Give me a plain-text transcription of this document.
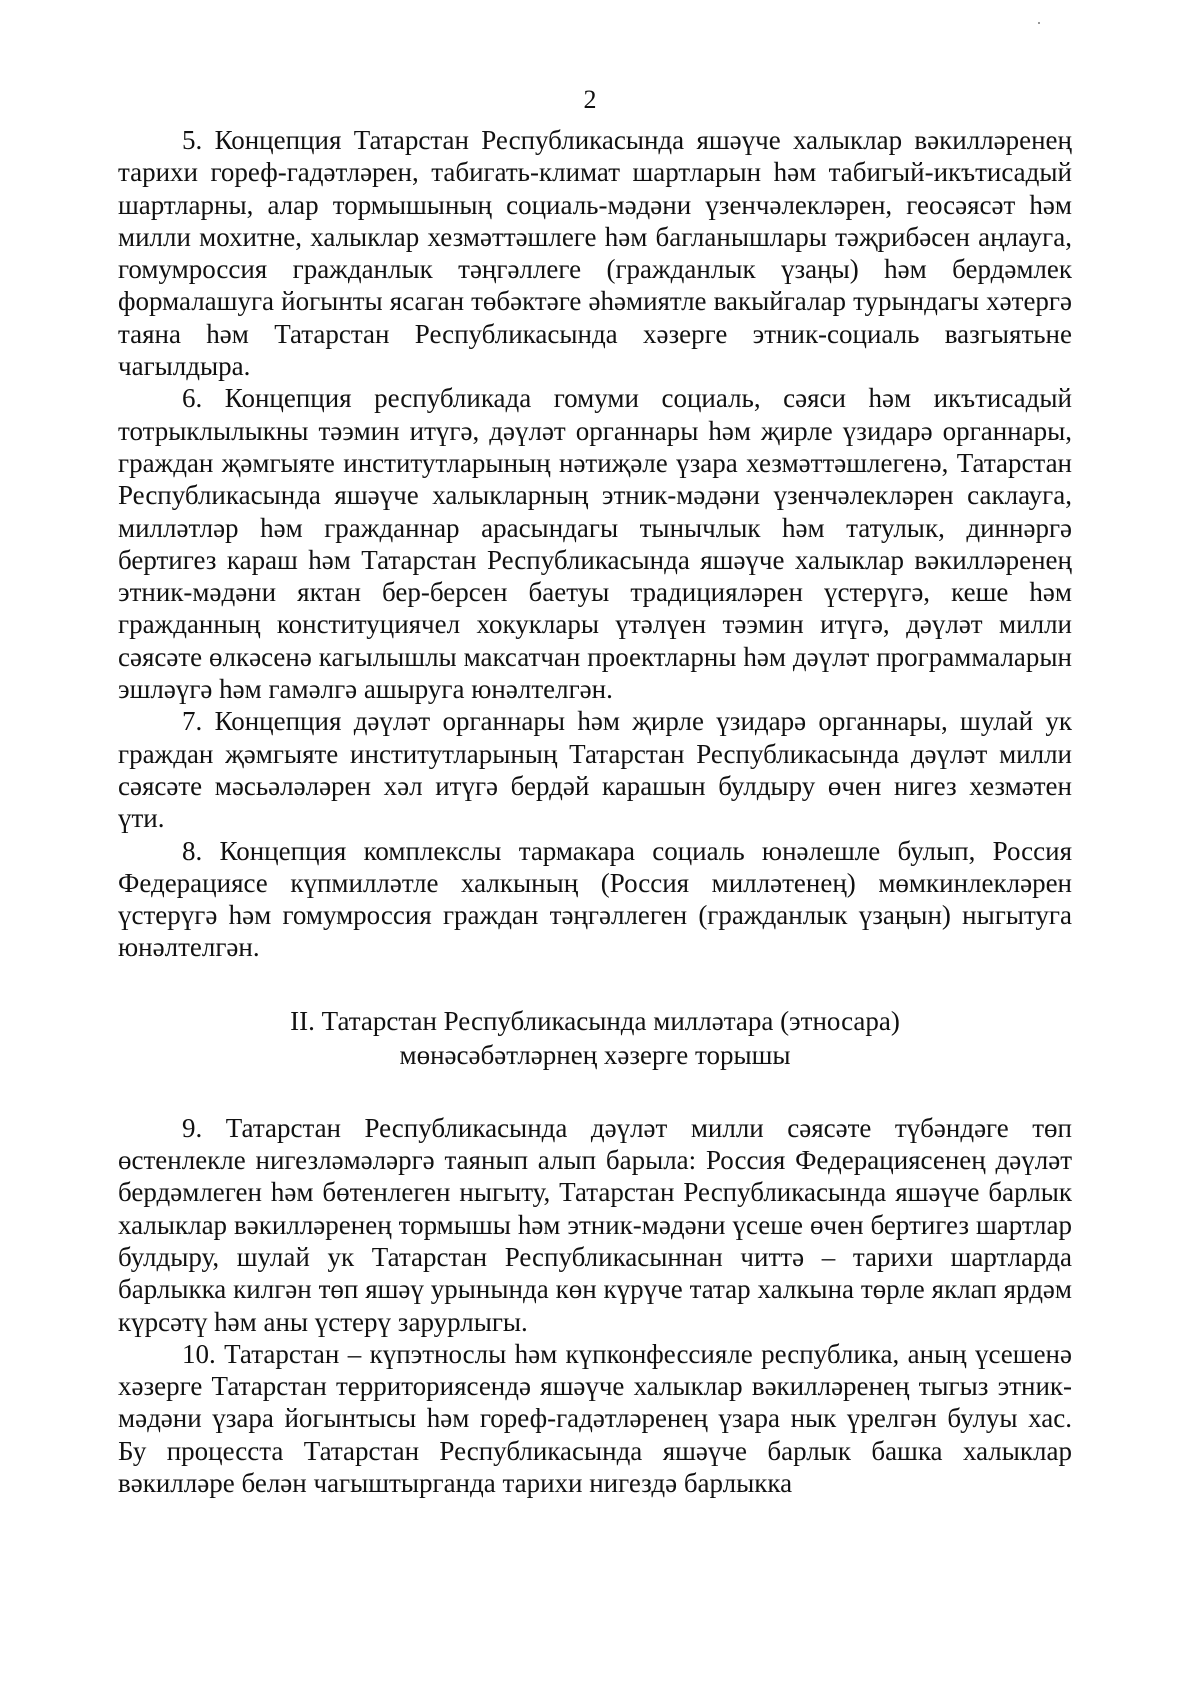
2

5. Концепция Татарстан Республикасында яшәүче халыклар вәкилләренең тарихи гореф-гадәтләрен, табигать-климат шартларын һәм табигый-икътисадый шартларны, алар тормышының социаль-мәдәни үзенчәлекләрен, геосәясәт һәм милли мохитне, халыклар хезмәттәшлеге һәм багланышлары тәҗрибәсен аңлауга, гомумроссия гражданлык тәңгәллеге (гражданлык үзаңы) һәм бердәмлек формалашуга йогынты ясаган төбәктәге әһәмиятле вакыйгалар турындагы хәтергә таяна һәм Татарстан Республикасында хәзерге этник-социаль вазгыятьне чагылдыра.

6. Концепция республикада гомуми социаль, сәяси һәм икътисадый тотрыклылыкны тәэмин итүгә, дәүләт органнары һәм җирле үзидарә органнары, граждан җәмгыяте институтларының нәтиҗәле үзара хезмәттәшлегенә, Татарстан Республикасында яшәүче халыкларның этник-мәдәни үзенчәлекләрен саклауга, милләтләр һәм гражданнар арасындагы тынычлык һәм татулык, диннәргә бертигез караш һәм Татарстан Республикасында яшәүче халыклар вәкилләренең этник-мәдәни яктан бер-берсен баетуы традицияләрен үстерүгә, кеше һәм гражданның конституциячел хокуклары үтәлүен тәэмин итүгә, дәүләт милли сәясәте өлкәсенә кагылышлы максатчан проектларны һәм дәүләт программаларын эшләүгә һәм гамәлгә ашыруга юнәлтелгән.

7. Концепция дәүләт органнары һәм җирле үзидарә органнары, шулай ук граждан җәмгыяте институтларының Татарстан Республикасында дәүләт милли сәясәте мәсьәләләрен хәл итүгә бердәй карашын булдыру өчен нигез хезмәтен үти.

8. Концепция комплекслы тармакара социаль юнәлешле булып, Россия Федерациясе күпмилләтле халкының (Россия милләтенең) мөмкинлекләрен үстерүгә һәм гомумроссия граждан тәңгәллеген (гражданлык үзаңын) ныгытуга юнәлтелгән.

II. Татарстан Республикасында милләтара (этносара)
мөнәсәбәтләрнең хәзерге торышы

9. Татарстан Республикасында дәүләт милли сәясәте түбәндәге төп өстенлекле нигезләмәләргә таянып алып барыла: Россия Федерациясенең дәүләт бердәмлеген һәм бөтенлеген ныгыту, Татарстан Республикасында яшәүче барлык халыклар вәкилләренең тормышы һәм этник-мәдәни үсеше өчен бертигез шартлар булдыру, шулай ук Татарстан Республикасыннан читтә – тарихи шартларда барлыкка килгән төп яшәү урынында көн күрүче татар халкына төрле яклап ярдәм күрсәтү һәм аны үстерү зарурлыгы.

10. Татарстан – күпэтнослы һәм күпконфессияле республика, аның үсешенә хәзерге Татарстан территориясендә яшәүче халыклар вәкилләренең тыгыз этник-мәдәни үзара йогынтысы һәм гореф-гадәтләренең үзара нык үрелгән булуы хас. Бу процесста Татарстан Республикасында яшәүче барлык башка халыклар вәкилләре белән чагыштырганда тарихи нигездә барлыкка
